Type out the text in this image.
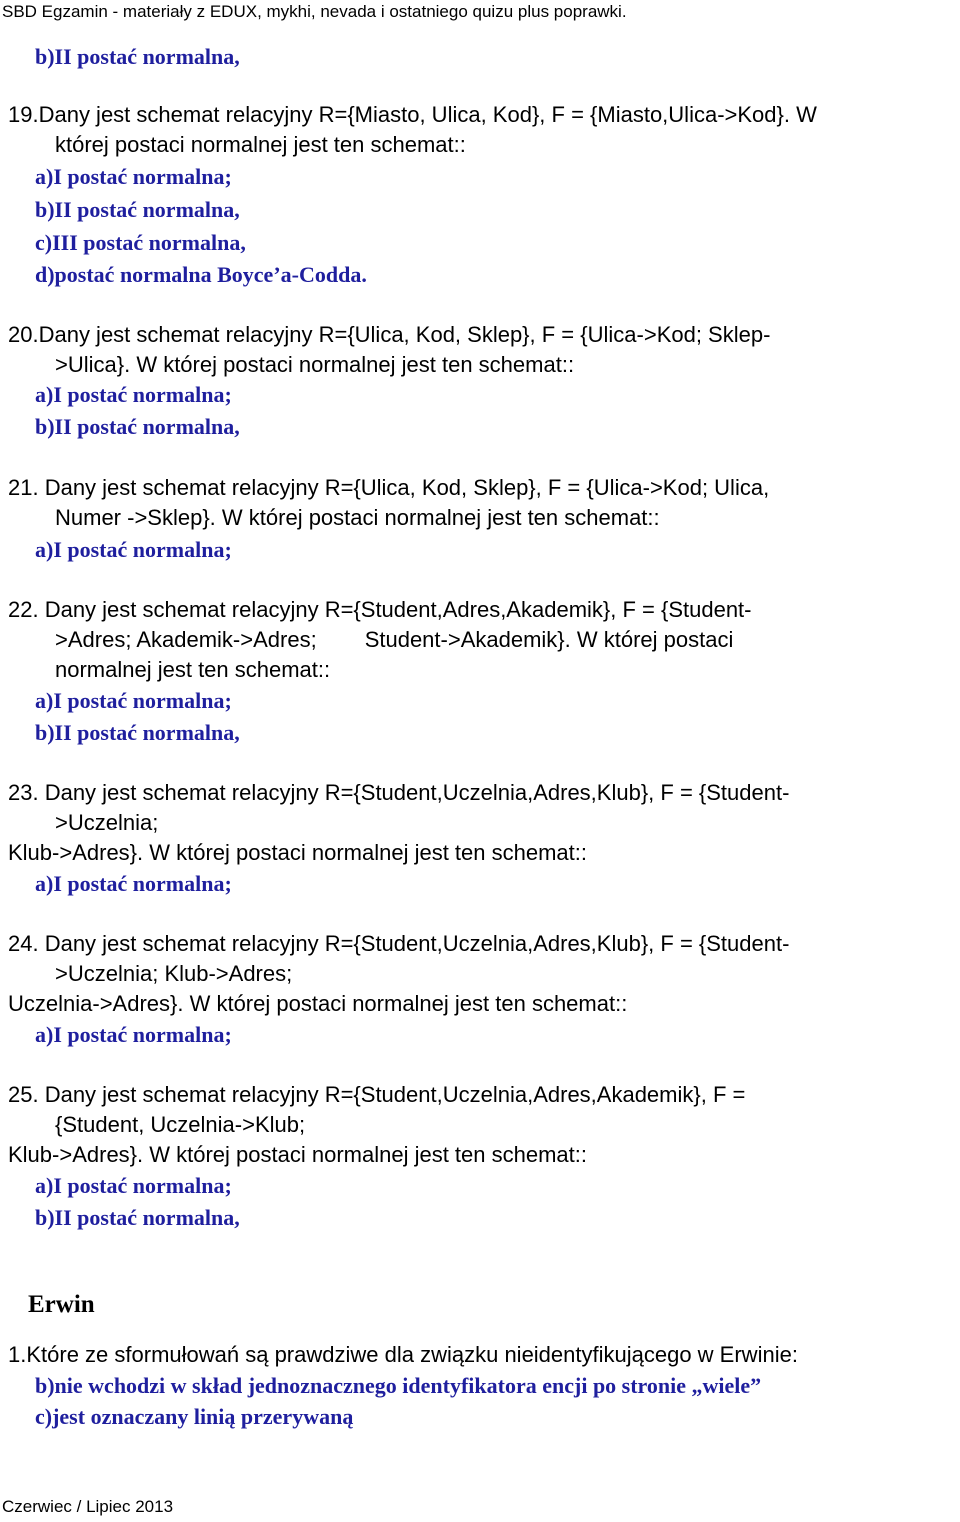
SBD Egzamin - materiały z EDUX, mykhi, nevada i ostatniego quizu plus poprawki.
b)II postać normalna,
19.Dany jest schemat relacyjny R={Miasto, Ulica, Kod}, F = {Miasto,Ulica->Kod}. W
której postaci normalnej jest ten schemat::
a)I postać normalna;
b)II postać normalna,
c)III postać normalna,
d)postać normalna Boyce’a-Codda.
20.Dany jest schemat relacyjny R={Ulica, Kod, Sklep}, F = {Ulica->Kod; Sklep-
>Ulica}. W której postaci normalnej jest ten schemat::
a)I postać normalna;
b)II postać normalna,
21. Dany jest schemat relacyjny R={Ulica, Kod, Sklep}, F = {Ulica->Kod; Ulica,
Numer ->Sklep}. W której postaci normalnej jest ten schemat::
a)I postać normalna;
22. Dany jest schemat relacyjny R={Student,Adres,Akademik}, F = {Student-
>Adres; Akademik->Adres; Student->Akademik}. W której postaci
normalnej jest ten schemat::
a)I postać normalna;
b)II postać normalna,
23. Dany jest schemat relacyjny R={Student,Uczelnia,Adres,Klub}, F = {Student-
>Uczelnia;
Klub->Adres}. W której postaci normalnej jest ten schemat::
a)I postać normalna;
24. Dany jest schemat relacyjny R={Student,Uczelnia,Adres,Klub}, F = {Student-
>Uczelnia; Klub->Adres;
Uczelnia->Adres}. W której postaci normalnej jest ten schemat::
a)I postać normalna;
25. Dany jest schemat relacyjny R={Student,Uczelnia,Adres,Akademik}, F =
{Student, Uczelnia->Klub;
Klub->Adres}. W której postaci normalnej jest ten schemat::
a)I postać normalna;
b)II postać normalna,
Erwin
1.Które ze sformułowań są prawdziwe dla związku nieidentyfikującego w Erwinie:
b)nie wchodzi w skład jednoznacznego identyfikatora encji po stronie „wiele”
c)jest oznaczany linią przerywaną
Czerwiec / Lipiec 2013
